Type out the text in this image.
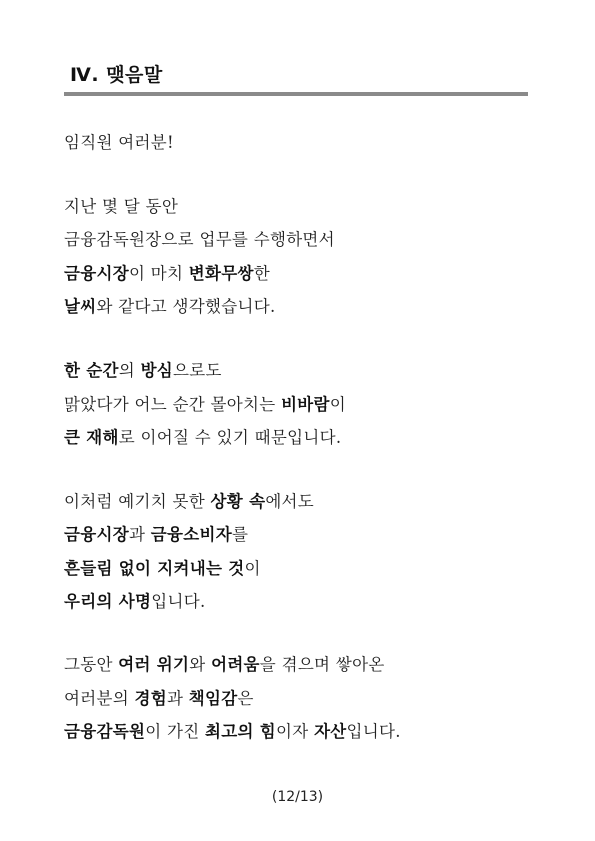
Ⅳ. 맺음말
임직원 여러분!
지난 몇 달 동안
금융감독원장으로 업무를 수행하면서
금융시장이 마치 변화무쌍한
날씨와 같다고 생각했습니다.
한 순간의 방심으로도
맑았다가 어느 순간 몰아치는 비바람이
큰 재해로 이어질 수 있기 때문입니다.
이처럼 예기치 못한 상황 속에서도
금융시장과 금융소비자를
흔들림 없이 지켜내는 것이
우리의 사명입니다.
그동안 여러 위기와 어려움을 겪으며 쌓아온
여러분의 경험과 책임감은
금융감독원이 가진 최고의 힘이자 자산입니다.
(12/13)
